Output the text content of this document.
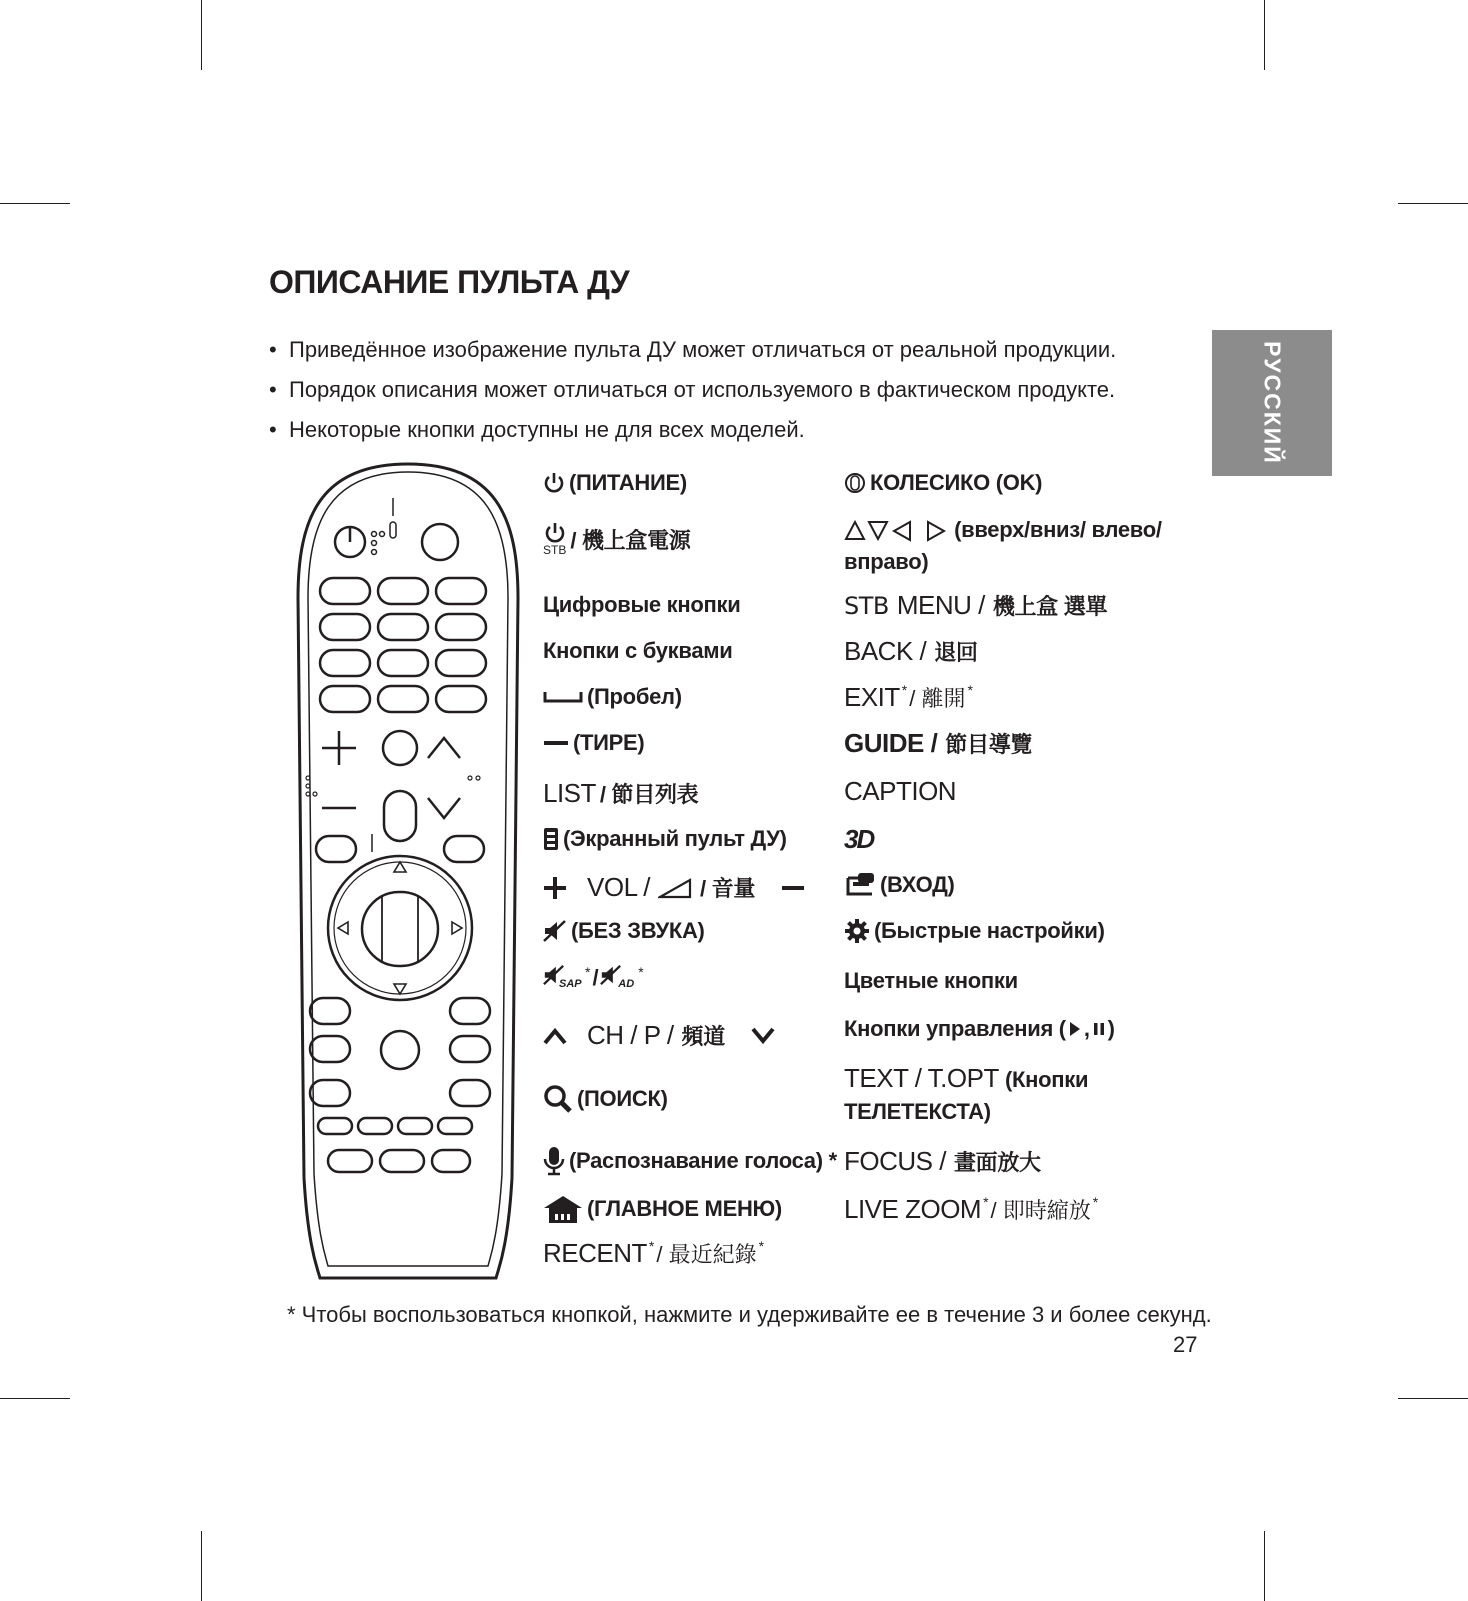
РУССКИЙ
ОПИСАНИЕ ПУЛЬТА ДУ
• Приведённое изображение пульта ДУ может отличаться от реальной продукции.
• Порядок описания может отличаться от используемого в фактическом продукте.
• Некоторые кнопки доступны не для всех моделей.
(ПИТАНИЕ)
STB / 機上盒電源
Цифровые кнопки
Кнопки с буквами
(Пробел)
(ТИРЕ)
LIST / 節目列表
(Экранный пульт ДУ)
VOL / / 音量
(БЕЗ ЗВУКА)
SAP
* / AD
*
CH / P / 頻道
(ПОИСК)
(Распознавание голоса) *
(ГЛАВНОЕ МЕНЮ)
RECENT * / 最近紀錄 *
КОЛЕСИКО (OK)
(вверх/вниз/ влево/ вправо)
STB MENU / 機上盒 選單
BACK / 退回
EXIT * / 離開 *
GUIDE / 節目導覽
CAPTION
3D
(ВХОД)
(Быстрые настройки)
Цветные кнопки
Кнопки управления ( , )
TEXT / T.OPT (Кнопки ТЕЛЕТЕКСТА)
FOCUS / 畫面放大
LIVE ZOOM * / 即時縮放 *
* Чтобы воспользоваться кнопкой, нажмите и удерживайте ее в течение 3 и более секунд.
27
